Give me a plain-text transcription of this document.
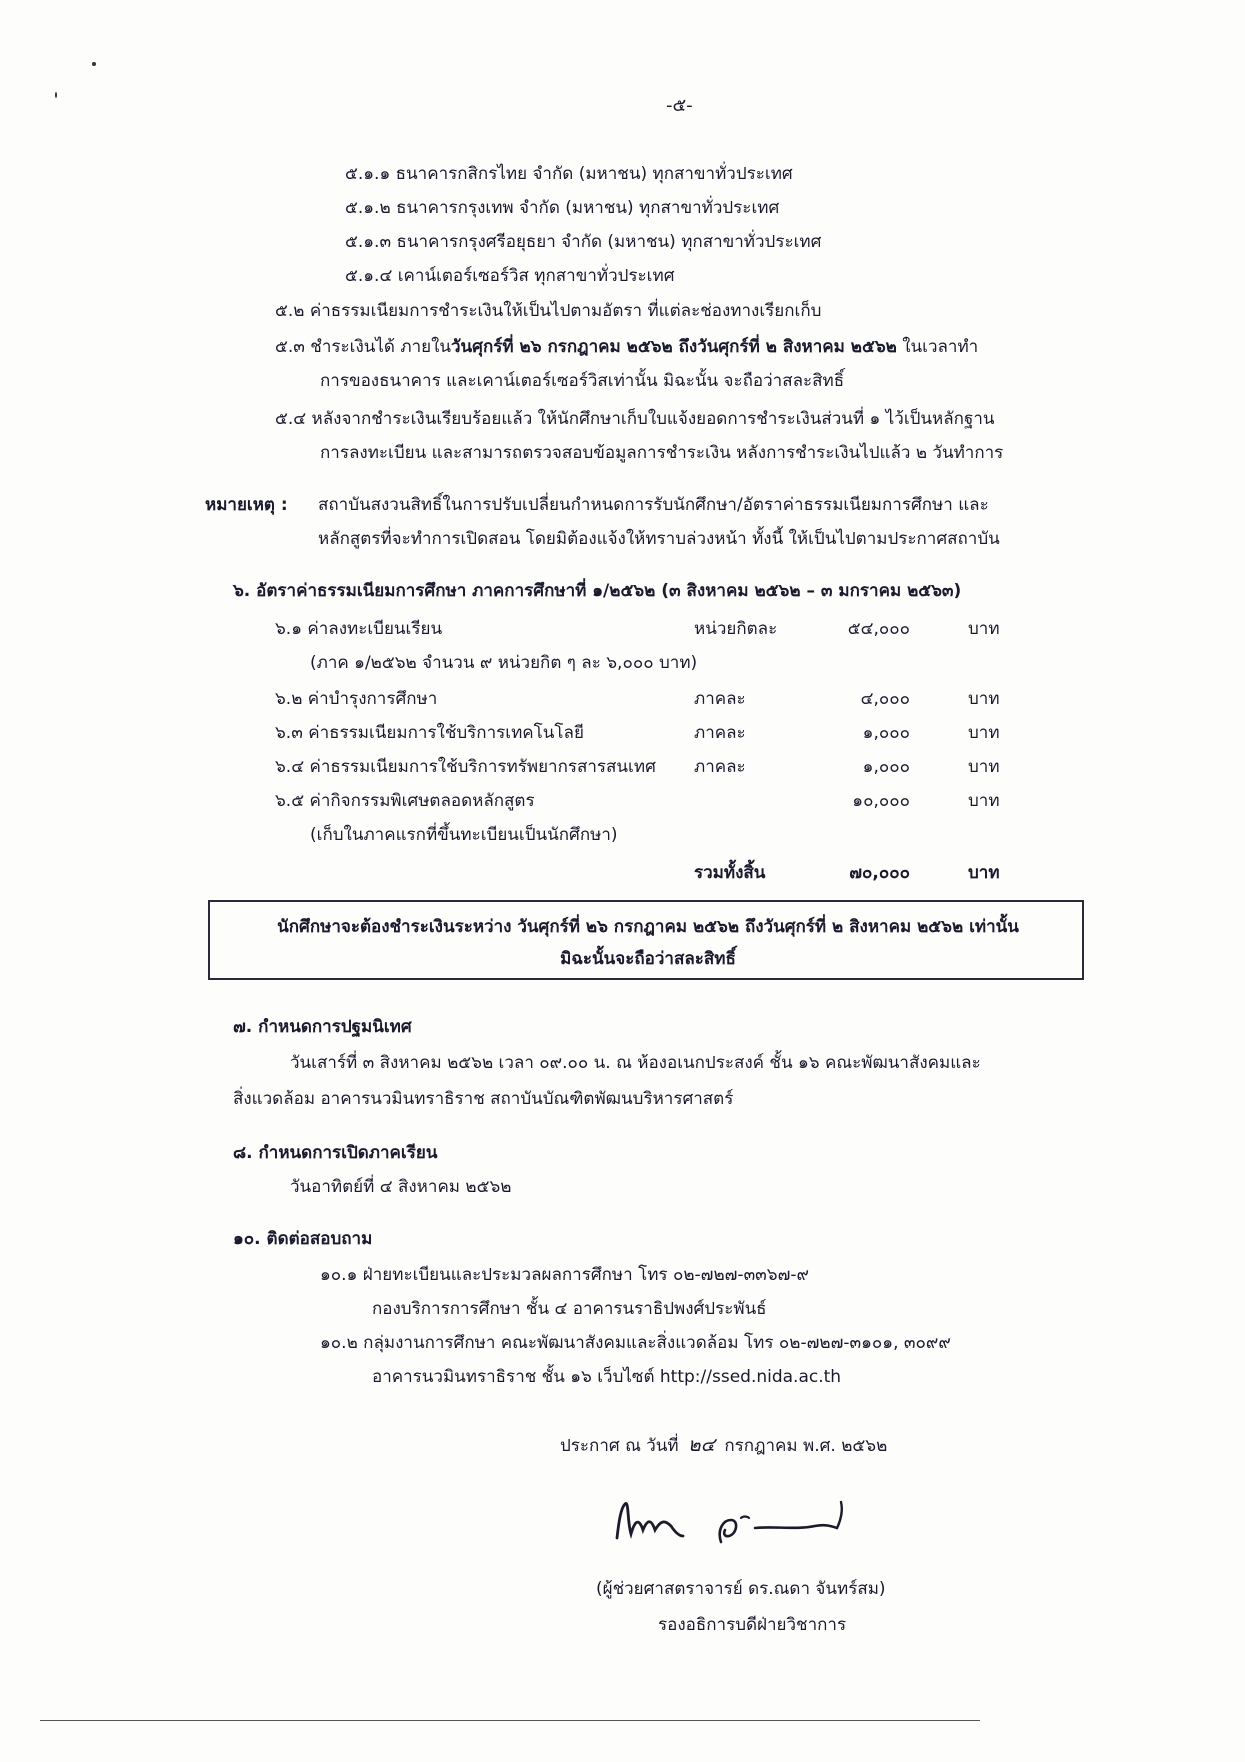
-๕-
๕.๑.๑ ธนาคารกสิกรไทย จำกัด (มหาชน) ทุกสาขาทั่วประเทศ
๕.๑.๒ ธนาคารกรุงเทพ จำกัด (มหาชน) ทุกสาขาทั่วประเทศ
๕.๑.๓ ธนาคารกรุงศรีอยุธยา จำกัด (มหาชน) ทุกสาขาทั่วประเทศ
๕.๑.๔ เคาน์เตอร์เซอร์วิส ทุกสาขาทั่วประเทศ
๕.๒ ค่าธรรมเนียมการชำระเงินให้เป็นไปตามอัตรา ที่แต่ละช่องทางเรียกเก็บ
๕.๓ ชำระเงินได้ ภายในวันศุกร์ที่ ๒๖ กรกฎาคม ๒๕๖๒ ถึงวันศุกร์ที่ ๒ สิงหาคม ๒๕๖๒ ในเวลาทำ
การของธนาคาร และเคาน์เตอร์เซอร์วิสเท่านั้น มิฉะนั้น จะถือว่าสละสิทธิ์
๕.๔ หลังจากชำระเงินเรียบร้อยแล้ว ให้นักศึกษาเก็บใบแจ้งยอดการชำระเงินส่วนที่ ๑ ไว้เป็นหลักฐาน
การลงทะเบียน และสามารถตรวจสอบข้อมูลการชำระเงิน หลังการชำระเงินไปแล้ว ๒ วันทำการ
หมายเหตุ : สถาบันสงวนสิทธิ์ในการปรับเปลี่ยนกำหนดการรับนักศึกษา/อัตราค่าธรรมเนียมการศึกษา และ
หลักสูตรที่จะทำการเปิดสอน โดยมิต้องแจ้งให้ทราบล่วงหน้า ทั้งนี้ ให้เป็นไปตามประกาศสถาบัน
๖. อัตราค่าธรรมเนียมการศึกษา ภาคการศึกษาที่ ๑/๒๕๖๒ (๓ สิงหาคม ๒๕๖๒ – ๓ มกราคม ๒๕๖๓)
๖.๑ ค่าลงทะเบียนเรียน	หน่วยกิตละ	๕๔,๐๐๐	บาท
(ภาค ๑/๒๕๖๒ จำนวน ๙ หน่วยกิต ๆ ละ ๖,๐๐๐ บาท)
๖.๒ ค่าบำรุงการศึกษา	ภาคละ	๔,๐๐๐	บาท
๖.๓ ค่าธรรมเนียมการใช้บริการเทคโนโลยี	ภาคละ	๑,๐๐๐	บาท
๖.๔ ค่าธรรมเนียมการใช้บริการทรัพยากรสารสนเทศ ภาคละ	๑,๐๐๐	บาท
๖.๕ ค่ากิจกรรมพิเศษตลอดหลักสูตร	๑๐,๐๐๐	บาท
(เก็บในภาคแรกที่ขึ้นทะเบียนเป็นนักศึกษา)
รวมทั้งสิ้น	๗๐,๐๐๐	บาท
นักศึกษาจะต้องชำระเงินระหว่าง วันศุกร์ที่ ๒๖ กรกฎาคม ๒๕๖๒ ถึงวันศุกร์ที่ ๒ สิงหาคม ๒๕๖๒ เท่านั้น
มิฉะนั้นจะถือว่าสละสิทธิ์
๗. กำหนดการปฐมนิเทศ
วันเสาร์ที่ ๓ สิงหาคม ๒๕๖๒ เวลา ๐๙.๐๐ น. ณ ห้องอเนกประสงค์ ชั้น ๑๖ คณะพัฒนาสังคมและ
สิ่งแวดล้อม อาคารนวมินทราธิราช สถาบันบัณฑิตพัฒนบริหารศาสตร์
๘. กำหนดการเปิดภาคเรียน
วันอาทิตย์ที่ ๔ สิงหาคม ๒๕๖๒
๑๐. ติดต่อสอบถาม
๑๐.๑ ฝ่ายทะเบียนและประมวลผลการศึกษา โทร ๐๒-๗๒๗-๓๓๖๗-๙
กองบริการการศึกษา ชั้น ๔ อาคารนราธิปพงศ์ประพันธ์
๑๐.๒ กลุ่มงานการศึกษา คณะพัฒนาสังคมและสิ่งแวดล้อม โทร ๐๒-๗๒๗-๓๑๐๑, ๓๐๙๙
อาคารนวมินทราธิราช ชั้น ๑๖ เว็บไซต์ http://ssed.nida.ac.th
ประกาศ ณ วันที่ ๒๔ กรกฎาคม พ.ศ. ๒๕๖๒
(ผู้ช่วยศาสตราจารย์ ดร.ณดา จันทร์สม)
รองอธิการบดีฝ่ายวิชาการ
